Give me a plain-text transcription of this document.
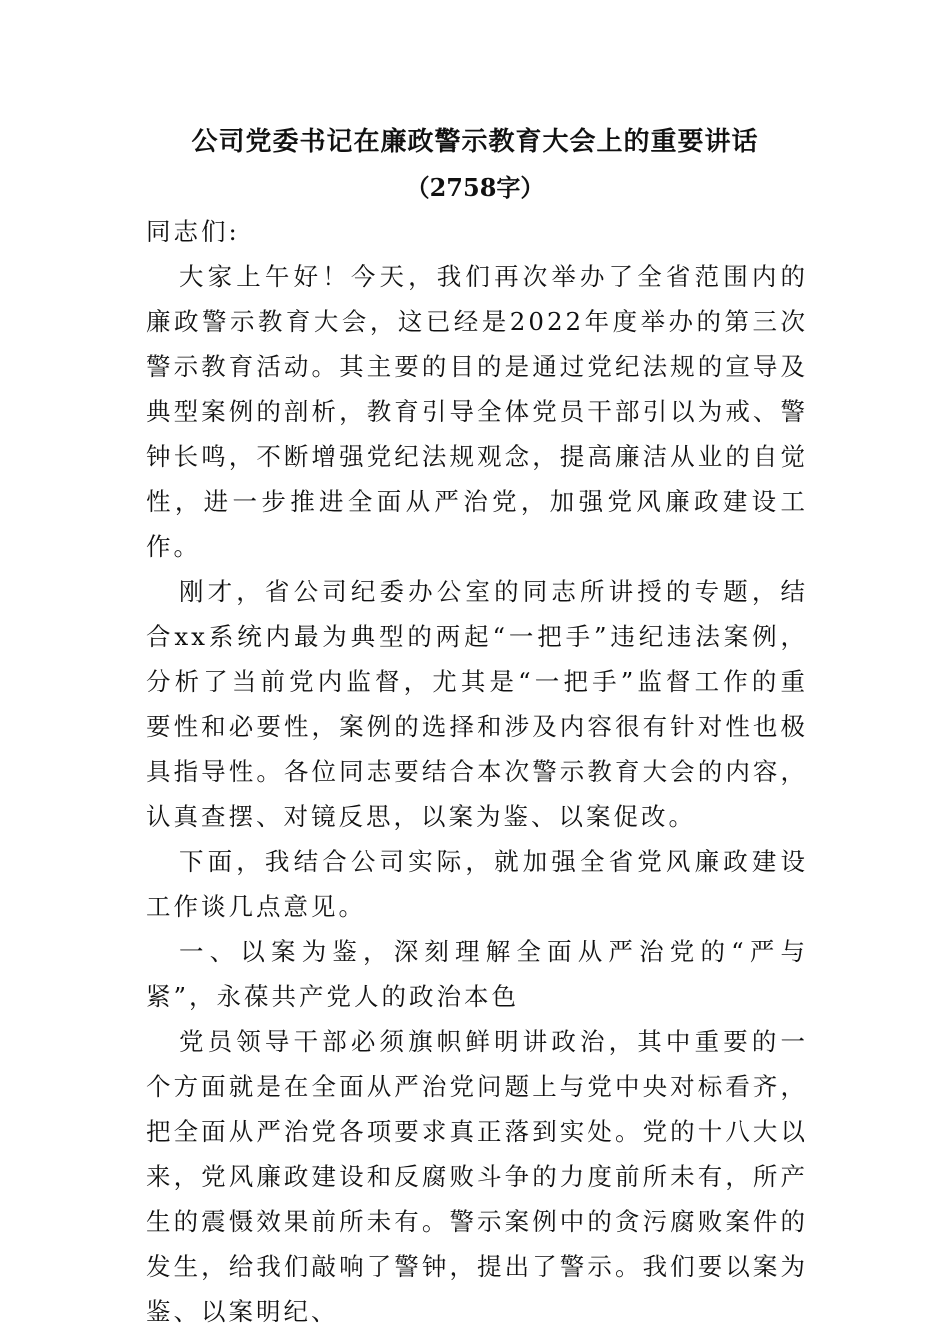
公司党委书记在廉政警示教育大会上的重要讲话
（2758字）

同志们:

大家上午好！今天，我们再次举办了全省范围内的廉政警示教育大会，这已经是2022年度举办的第三次警示教育活动。其主要的目的是通过党纪法规的宣导及典型案例的剖析，教育引导全体党员干部引以为戒、警钟长鸣，不断增强党纪法规观念，提高廉洁从业的自觉性，进一步推进全面从严治党，加强党风廉政建设工作。

刚才，省公司纪委办公室的同志所讲授的专题，结合xx系统内最为典型的两起“一把手”违纪违法案例，分析了当前党内监督，尤其是“一把手”监督工作的重要性和必要性，案例的选择和涉及内容很有针对性也极具指导性。各位同志要结合本次警示教育大会的内容，认真查摆、对镜反思，以案为鉴、以案促改。

下面，我结合公司实际，就加强全省党风廉政建设工作谈几点意见。

一、以案为鉴，深刻理解全面从严治党的“严与紧”，永葆共产党人的政治本色

党员领导干部必须旗帜鲜明讲政治，其中重要的一个方面就是在全面从严治党问题上与党中央对标看齐，把全面从严治党各项要求真正落到实处。党的十八大以来，党风廉政建设和反腐败斗争的力度前所未有，所产生的震慑效果前所未有。警示案例中的贪污腐败案件的发生，给我们敲响了警钟，提出了警示。我们要以案为鉴、以案明纪、
